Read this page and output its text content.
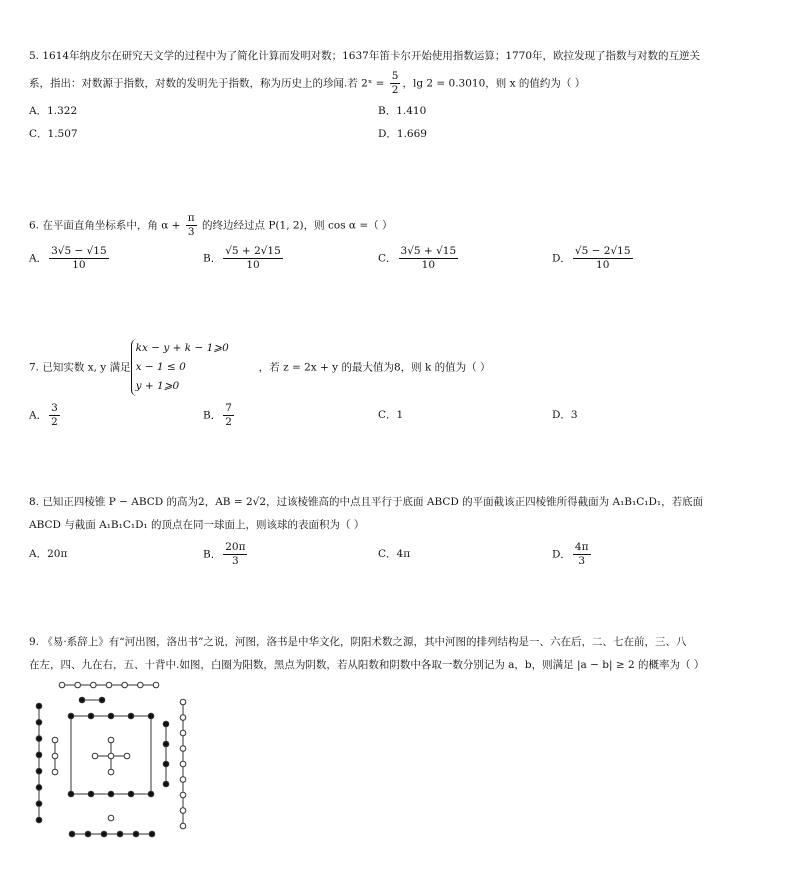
5. 1614年纳皮尔在研究天文学的过程中为了简化计算而发明对数；1637年笛卡尔开始使用指数运算；1770年，欧拉发现了指数与对数的互逆关
系，指出：对数源于指数，对数的发明先于指数，称为历史上的珍闻.若 2ˣ = $\frac{5}{2}$ ，lg 2 = 0.3010，则 x 的值约为（ ）
A．1.322	B．1.410
C．1.507	D．1.669
6. 在平面直角坐标系中，角 $\alpha + \frac{\pi}{3}$ 的终边经过点 P(1, 2)，则 cos α =（ ）
A． $\frac{3√5 - √15}{10}$	B． $\frac{√5 + 2√15}{10}$	C． $\frac{3√5 + √15}{10}$	D． $\frac{√5 - 2√15}{10}$
7. 已知实数 x, y 满足
kx − y + k − 1⩾0
x − 1 ≤ 0
y + 1⩾0
，若 z = 2x + y 的最大值为8，则 k 的值为（ ）
A． $\frac{3}{2}$	B． $\frac{7}{2}$	C．1	D．3
8. 已知正四棱锥 P − ABCD 的高为2，AB = 2√2，过该棱锥高的中点且平行于底面 ABCD 的平面截该正四棱锥所得截面为 A₁B₁C₁D₁，若底面
ABCD 与截面 A₁B₁C₁D₁ 的顶点在同一球面上，则该球的表面积为（ ）
A．20π	B． $\frac{20\pi}{3}$	C．4π	D． $\frac{4\pi}{3}$
9. 《易·系辞上》有“河出图，洛出书”之说，河图，洛书是中华文化，阴阳术数之源，其中河图的排列结构是一、六在后，二、七在前，三、八
在左，四、九在右，五、十背中.如图，白圈为阳数，黑点为阴数，若从阳数和阴数中各取一数分别记为 a，b，则满足 |a − b| ≥ 2 的概率为（ ）
